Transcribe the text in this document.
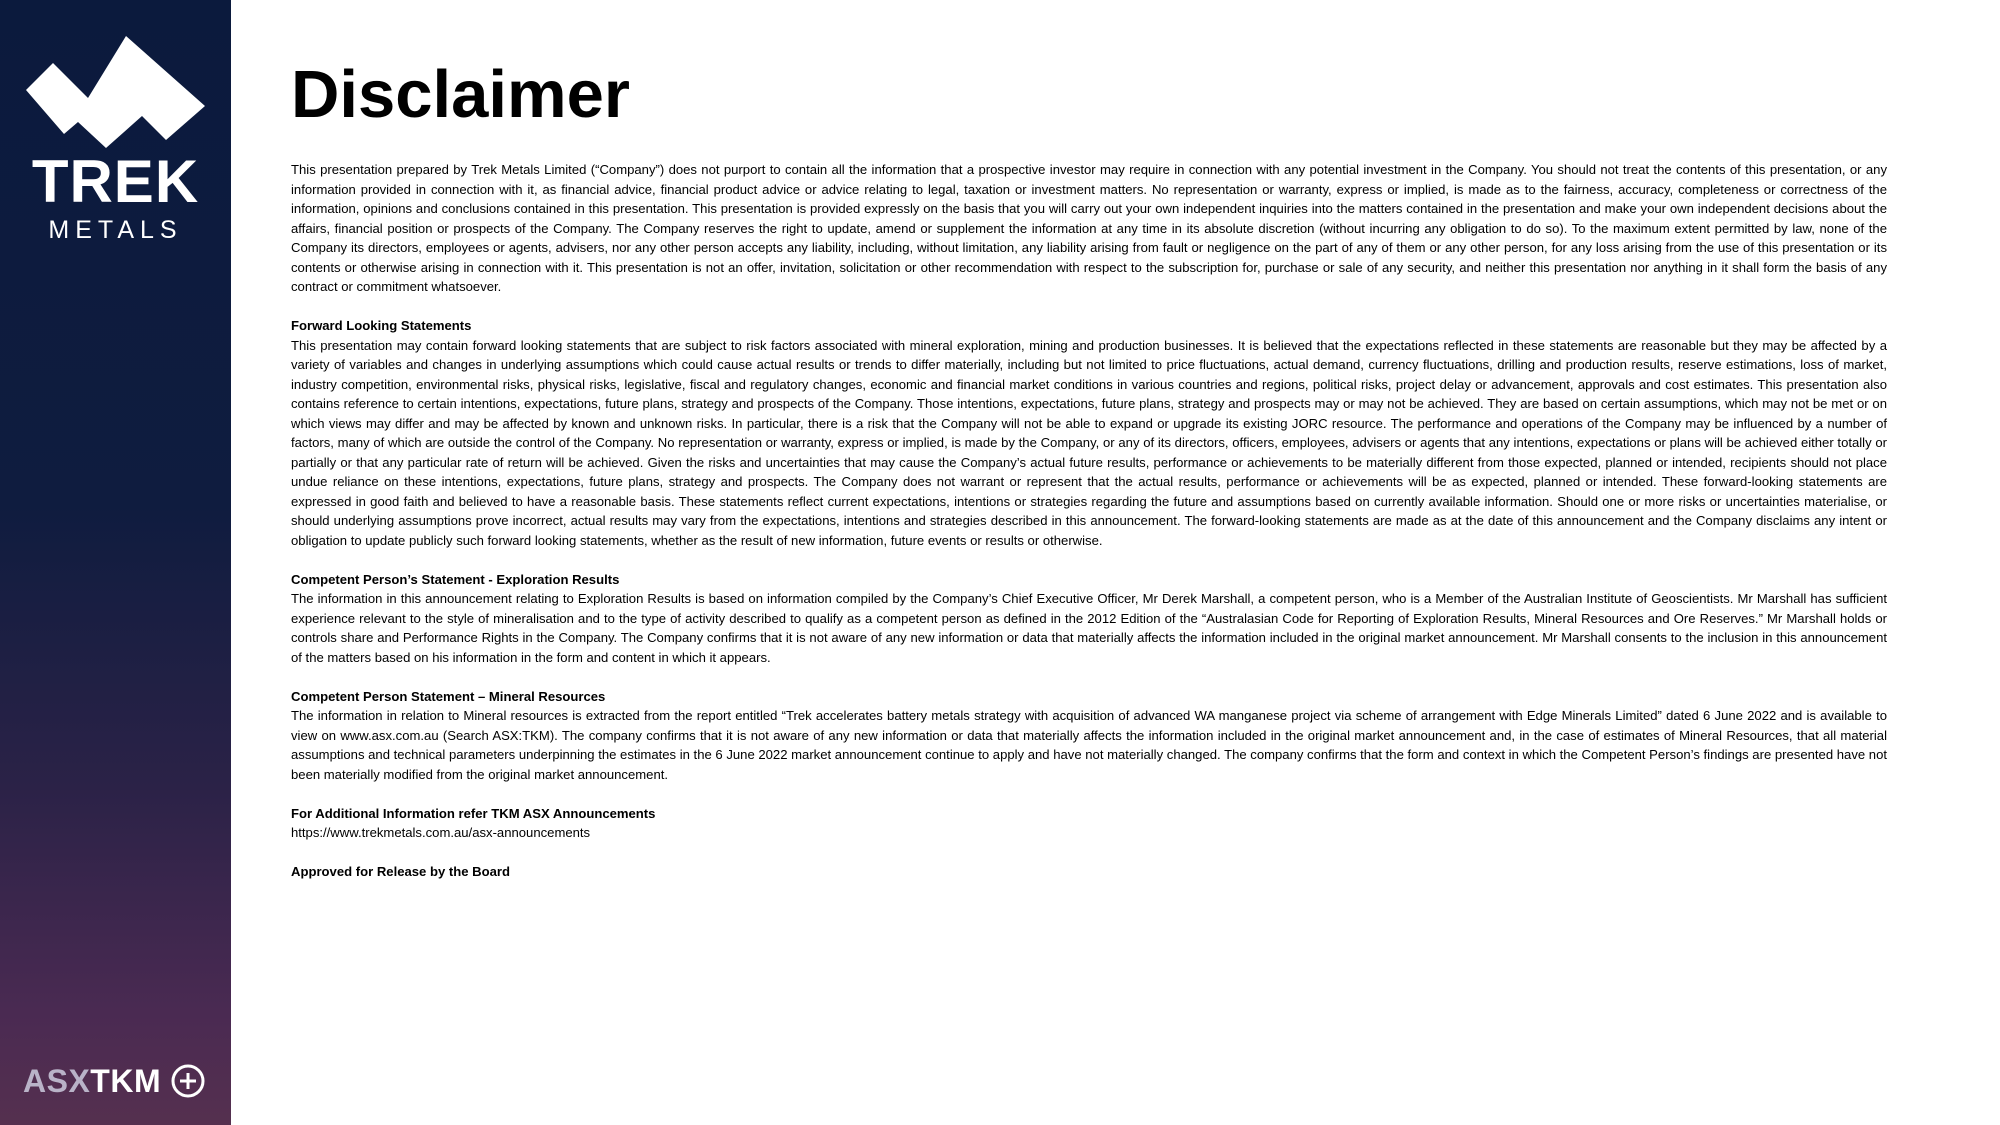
TREK
METALS
ASX TKM
Disclaimer

This presentation prepared by Trek Metals Limited (“Company”) does not purport to contain all the information that a prospective investor may require in connection with any potential investment in the Company. You should not treat the contents of this presentation, or any information provided in connection with it, as financial advice, financial product advice or advice relating to legal, taxation or investment matters. No representation or warranty, express or implied, is made as to the fairness, accuracy, completeness or correctness of the information, opinions and conclusions contained in this presentation. This presentation is provided expressly on the basis that you will carry out your own independent inquiries into the matters contained in the presentation and make your own independent decisions about the affairs, financial position or prospects of the Company. The Company reserves the right to update, amend or supplement the information at any time in its absolute discretion (without incurring any obligation to do so). To the maximum extent permitted by law, none of the Company its directors, employees or agents, advisers, nor any other person accepts any liability, including, without limitation, any liability arising from fault or negligence on the part of any of them or any other person, for any loss arising from the use of this presentation or its contents or otherwise arising in connection with it. This presentation is not an offer, invitation, solicitation or other recommendation with respect to the subscription for, purchase or sale of any security, and neither this presentation nor anything in it shall form the basis of any contract or commitment whatsoever.

Forward Looking Statements

This presentation may contain forward looking statements that are subject to risk factors associated with mineral exploration, mining and production businesses. It is believed that the expectations reflected in these statements are reasonable but they may be affected by a variety of variables and changes in underlying assumptions which could cause actual results or trends to differ materially, including but not limited to price fluctuations, actual demand, currency fluctuations, drilling and production results, reserve estimations, loss of market, industry competition, environmental risks, physical risks, legislative, fiscal and regulatory changes, economic and financial market conditions in various countries and regions, political risks, project delay or advancement, approvals and cost estimates. This presentation also contains reference to certain intentions, expectations, future plans, strategy and prospects of the Company. Those intentions, expectations, future plans, strategy and prospects may or may not be achieved. They are based on certain assumptions, which may not be met or on which views may differ and may be affected by known and unknown risks. In particular, there is a risk that the Company will not be able to expand or upgrade its existing JORC resource. The performance and operations of the Company may be influenced by a number of factors, many of which are outside the control of the Company. No representation or warranty, express or implied, is made by the Company, or any of its directors, officers, employees, advisers or agents that any intentions, expectations or plans will be achieved either totally or partially or that any particular rate of return will be achieved. Given the risks and uncertainties that may cause the Company’s actual future results, performance or achievements to be materially different from those expected, planned or intended, recipients should not place undue reliance on these intentions, expectations, future plans, strategy and prospects. The Company does not warrant or represent that the actual results, performance or achievements will be as expected, planned or intended. These forward-looking statements are expressed in good faith and believed to have a reasonable basis. These statements reflect current expectations, intentions or strategies regarding the future and assumptions based on currently available information. Should one or more risks or uncertainties materialise, or should underlying assumptions prove incorrect, actual results may vary from the expectations, intentions and strategies described in this announcement. The forward-looking statements are made as at the date of this announcement and the Company disclaims any intent or obligation to update publicly such forward looking statements, whether as the result of new information, future events or results or otherwise.

Competent Person’s Statement - Exploration Results

The information in this announcement relating to Exploration Results is based on information compiled by the Company’s Chief Executive Officer, Mr Derek Marshall, a competent person, who is a Member of the Australian Institute of Geoscientists. Mr Marshall has sufficient experience relevant to the style of mineralisation and to the type of activity described to qualify as a competent person as defined in the 2012 Edition of the “Australasian Code for Reporting of Exploration Results, Mineral Resources and Ore Reserves.” Mr Marshall holds or controls share and Performance Rights in the Company. The Company confirms that it is not aware of any new information or data that materially affects the information included in the original market announcement. Mr Marshall consents to the inclusion in this announcement of the matters based on his information in the form and content in which it appears.

Competent Person Statement – Mineral Resources

The information in relation to Mineral resources is extracted from the report entitled “Trek accelerates battery metals strategy with acquisition of advanced WA manganese project via scheme of arrangement with Edge Minerals Limited” dated 6 June 2022 and is available to view on www.asx.com.au (Search ASX:TKM). The company confirms that it is not aware of any new information or data that materially affects the information included in the original market announcement and, in the case of estimates of Mineral Resources, that all material assumptions and technical parameters underpinning the estimates in the 6 June 2022 market announcement continue to apply and have not materially changed. The company confirms that the form and context in which the Competent Person’s findings are presented have not been materially modified from the original market announcement.

For Additional Information refer TKM ASX Announcements

https://www.trekmetals.com.au/asx-announcements

Approved for Release by the Board
